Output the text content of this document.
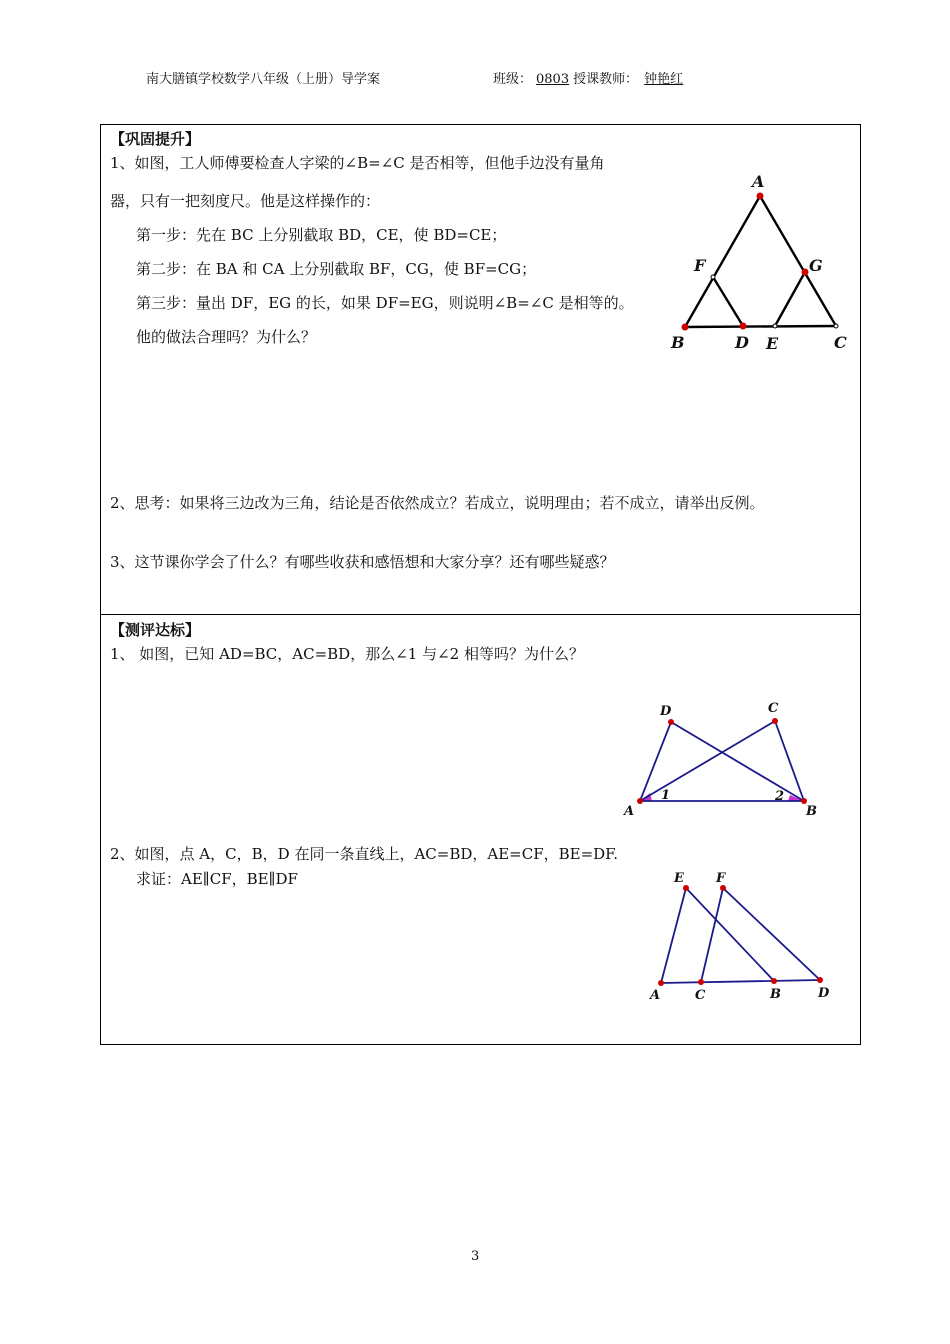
南大膳镇学校数学八年级（上册）导学案	班级： 0803 授课教师： 钟艳红
【巩固提升】
1、如图，工人师傅要检查人字梁的∠B=∠C 是否相等，但他手边没有量角
器，只有一把刻度尺。他是这样操作的：
第一步：先在 BC 上分别截取 BD，CE，使 BD=CE；
第二步：在 BA 和 CA 上分别截取 BF，CG，使 BF=CG；
第三步：量出 DF，EG 的长，如果 DF=EG，则说明∠B=∠C 是相等的。
他的做法合理吗？为什么？
2、思考：如果将三边改为三角，结论是否依然成立？若成立，说明理由；若不成立，请举出反例。
3、这节课你学会了什么？有哪些收获和感悟想和大家分享？还有哪些疑惑？
A
B	C
D E
F	G
【测评达标】
1、 如图，已知 AD=BC，AC=BD，那么∠1 与∠2 相等吗？为什么？
2、如图，点 A，C，B，D 在同一条直线上，AC=BD，AE=CF，BE=DF.
求证：AE∥CF，BE∥DF
A	B
C
D
1	2
A	C	B	D
E F
3
